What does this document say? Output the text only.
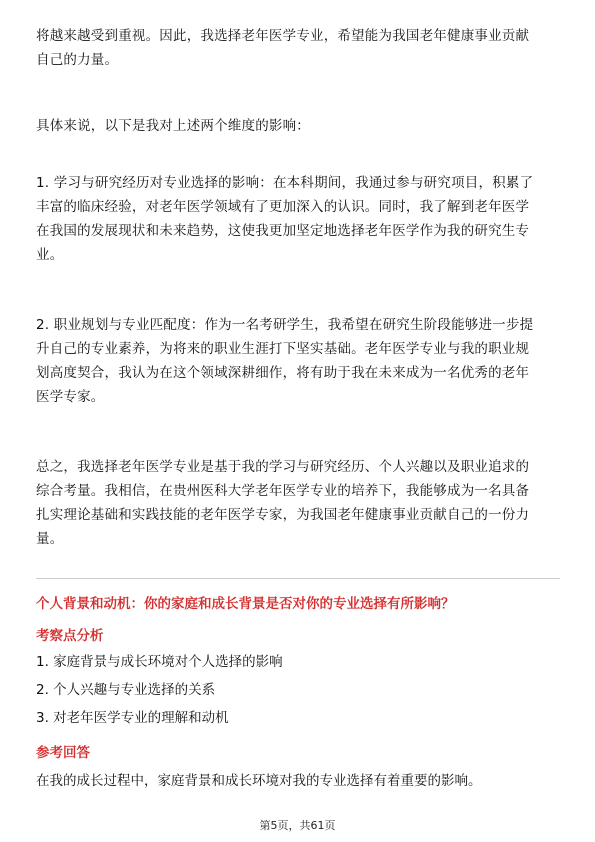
将越来越受到重视。因此，我选择老年医学专业，希望能为我国老年健康事业贡献
自己的力量。
具体来说，以下是我对上述两个维度的影响：
1. 学习与研究经历对专业选择的影响：在本科期间，我通过参与研究项目，积累了
丰富的临床经验，对老年医学领域有了更加深入的认识。同时，我了解到老年医学
在我国的发展现状和未来趋势，这使我更加坚定地选择老年医学作为我的研究生专
业。
2. 职业规划与专业匹配度：作为一名考研学生，我希望在研究生阶段能够进一步提
升自己的专业素养，为将来的职业生涯打下坚实基础。老年医学专业与我的职业规
划高度契合，我认为在这个领域深耕细作，将有助于我在未来成为一名优秀的老年
医学专家。
总之，我选择老年医学专业是基于我的学习与研究经历、个人兴趣以及职业追求的
综合考量。我相信，在贵州医科大学老年医学专业的培养下，我能够成为一名具备
扎实理论基础和实践技能的老年医学专家，为我国老年健康事业贡献自己的一份力
量。
个人背景和动机：你的家庭和成长背景是否对你的专业选择有所影响？
考察点分析
1. 家庭背景与成长环境对个人选择的影响
2. 个人兴趣与专业选择的关系
3. 对老年医学专业的理解和动机
参考回答
在我的成长过程中，家庭背景和成长环境对我的专业选择有着重要的影响。
第5页，共61页
